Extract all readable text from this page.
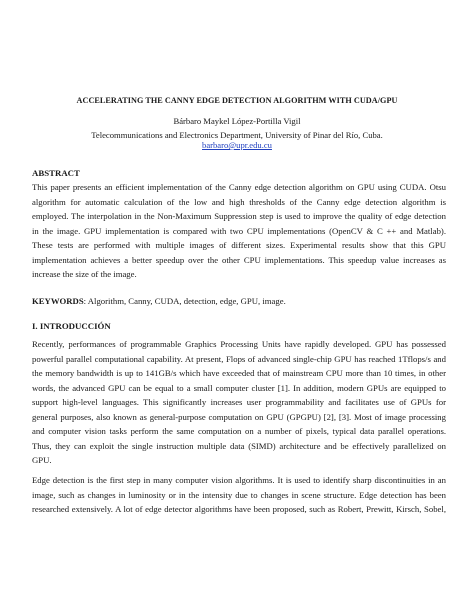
ACCELERATING THE CANNY EDGE DETECTION ALGORITHM WITH CUDA/GPU
Bárbaro Maykel López-Portilla Vigil
Telecommunications and Electronics Department, University of Pinar del Río, Cuba.
barbaro@upr.edu.cu
ABSTRACT
This paper presents an efficient implementation of the Canny edge detection algorithm on GPU using CUDA. Otsu
algorithm for automatic calculation of the low and high thresholds of the Canny edge detection algorithm is
employed. The interpolation in the Non-Maximum Suppression step is used to improve the quality of edge detection
in the image. GPU implementation is compared with two CPU implementations (OpenCV & C ++ and Matlab).
These tests are performed with multiple images of different sizes. Experimental results show that this GPU
implementation achieves a better speedup over the other CPU implementations. This speedup value increases as
increase the size of the image.
KEYWORDS: Algorithm, Canny, CUDA, detection, edge, GPU, image.
I. INTRODUCCIÓN
Recently, performances of programmable Graphics Processing Units have rapidly developed. GPU has possessed
powerful parallel computational capability. At present, Flops of advanced single-chip GPU has reached 1Tflops/s and
the memory bandwidth is up to 141GB/s which have exceeded that of mainstream CPU more than 10 times, in other
words, the advanced GPU can be equal to a small computer cluster [1]. In addition, modern GPUs are equipped to
support high-level languages. This significantly increases user programmability and facilitates use of GPUs for
general purposes, also known as general-purpose computation on GPU (GPGPU) [2], [3]. Most of image processing
and computer vision tasks perform the same computation on a number of pixels, typical data parallel operations.
Thus, they can exploit the single instruction multiple data (SIMD) architecture and be effectively parallelized on
GPU.
Edge detection is the first step in many computer vision algorithms. It is used to identify sharp discontinuities in an
image, such as changes in luminosity or in the intensity due to changes in scene structure. Edge detection has been
researched extensively. A lot of edge detector algorithms have been proposed, such as Robert, Prewitt, Kirsch, Sobel,
